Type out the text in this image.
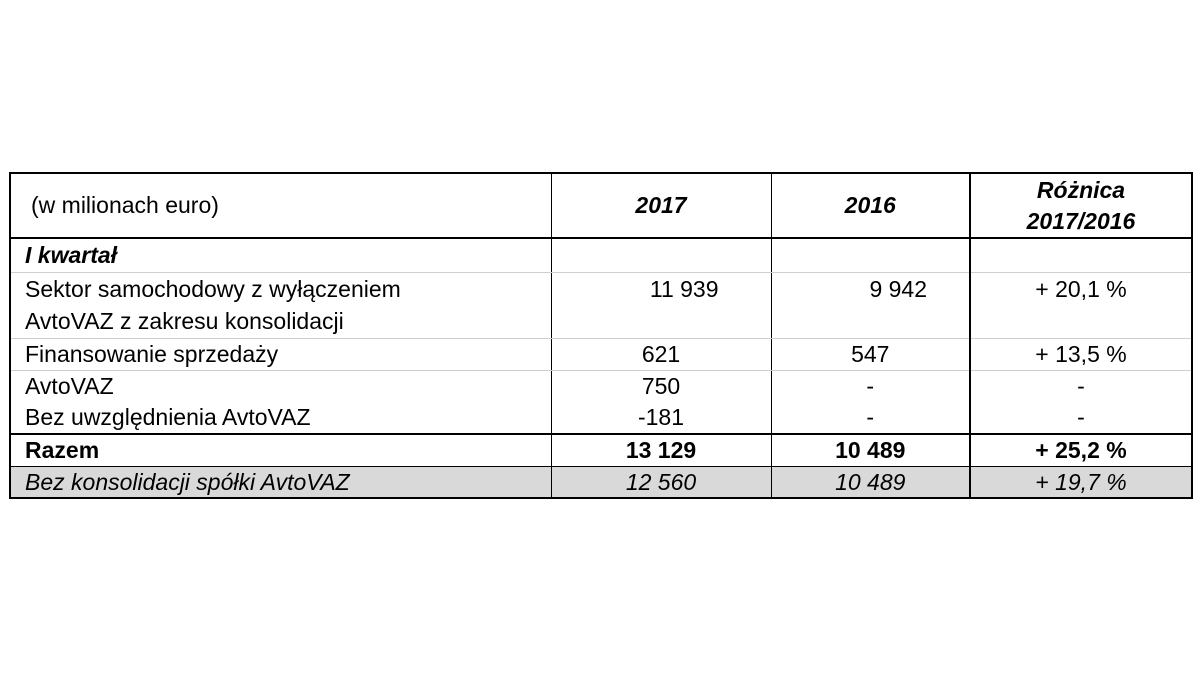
(w milionach euro)	2017	2016	Różnica
2017/2016

I kwartał			

Sektor samochodowy z wyłączeniem
AvtoVAZ z zakresu konsolidacji	11 939	9 942	+ 20,1 %
Finansowanie sprzedaży	621	547	+ 13,5 %
AvtoVAZ	750	-	-
Bez uwzględnienia AvtoVAZ	-181	-	-
Razem	13 129	10 489	+ 25,2 %
Bez konsolidacji spółki AvtoVAZ	12 560	10 489	+ 19,7 %
